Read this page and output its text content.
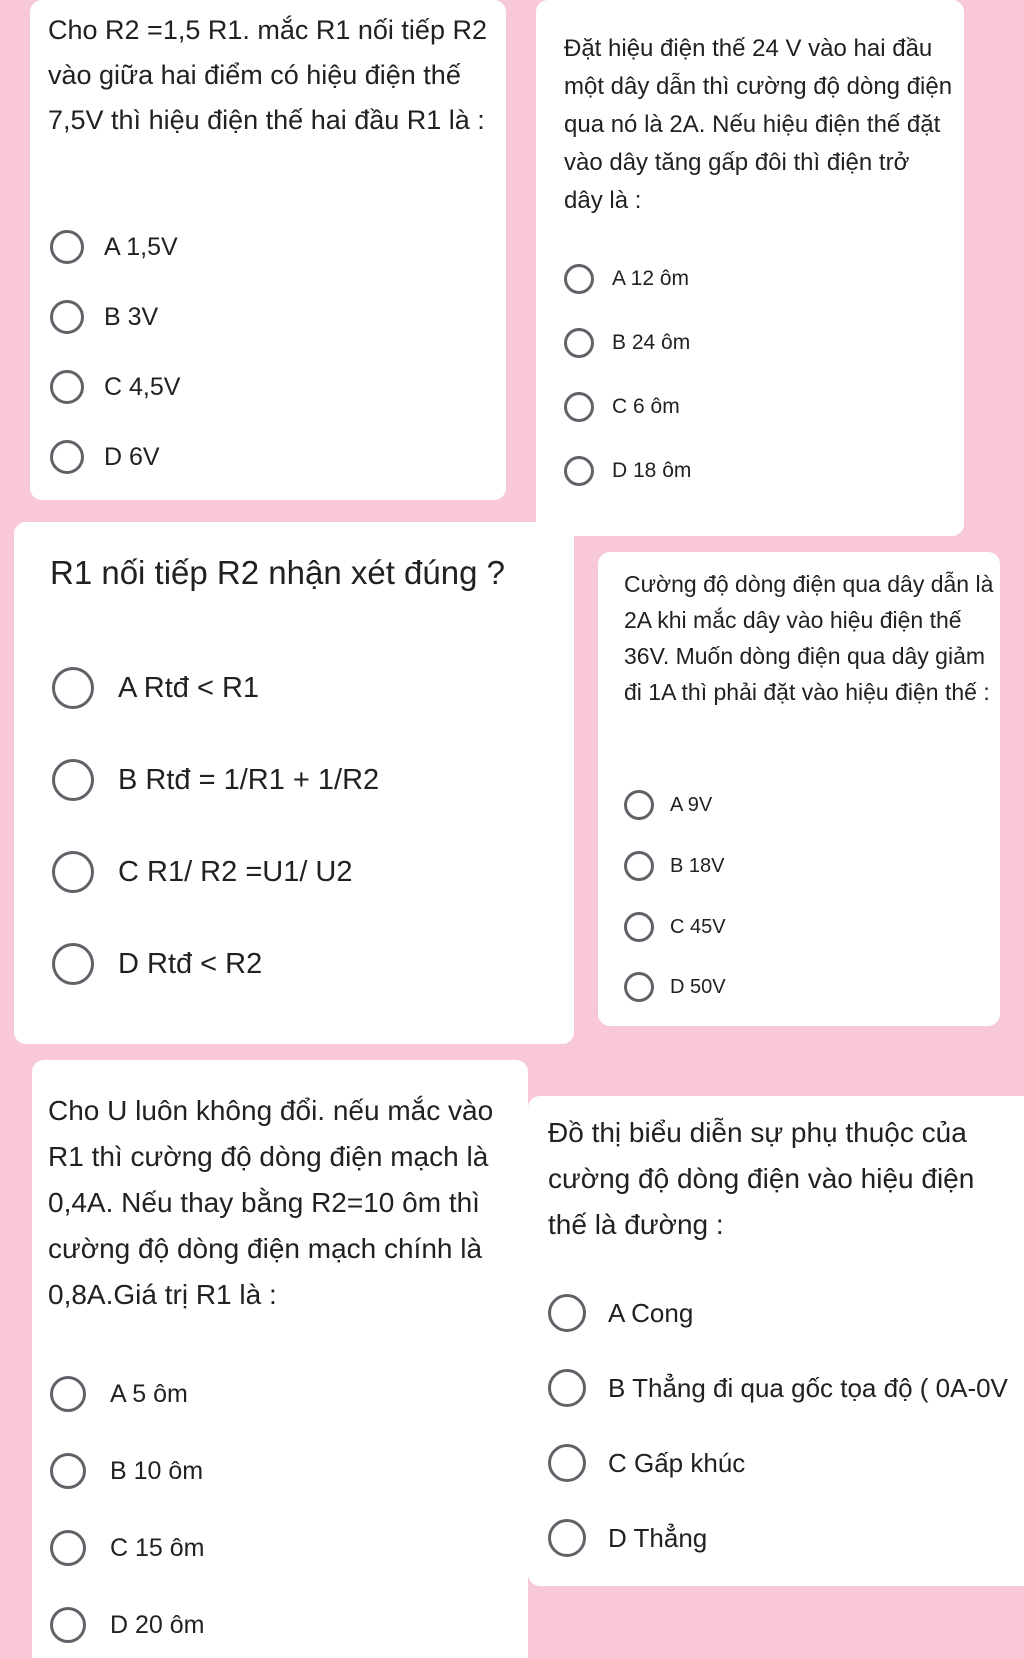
Cho R2 =1,5 R1. mắc R1 nối tiếp R2 vào giữa hai điểm có hiệu điện thế 7,5V thì hiệu điện thế hai đầu R1 là :

A 1,5V
B 3V
C 4,5V
D 6V

Đặt hiệu điện thế 24 V vào hai đầu một dây dẫn thì cường độ dòng điện qua nó là 2A. Nếu hiệu điện thế đặt vào dây tăng gấp đôi thì điện trở dây là :

A 12 ôm
B 24 ôm
C 6 ôm
D 18 ôm

R1 nối tiếp R2 nhận xét đúng ?

A Rtđ < R1
B Rtđ = 1/R1 + 1/R2
C R1/ R2 =U1/ U2
D Rtđ < R2

Cường độ dòng điện qua dây dẫn là 2A khi mắc dây vào hiệu điện thế 36V. Muốn dòng điện qua dây giảm đi 1A thì phải đặt vào hiệu điện thế :

A 9V
B 18V
C 45V
D 50V

Cho U luôn không đổi. nếu mắc vào R1 thì cường độ dòng điện mạch là 0,4A. Nếu thay bằng R2=10 ôm thì cường độ dòng điện mạch chính là 0,8A.Giá trị R1 là :

A 5 ôm
B 10 ôm
C 15 ôm
D 20 ôm

Đồ thị biểu diễn sự phụ thuộc của cường độ dòng điện vào hiệu điện thế là đường :

A Cong
B Thẳng đi qua gốc tọa độ ( 0A-0V
C Gấp khúc
D Thẳng
